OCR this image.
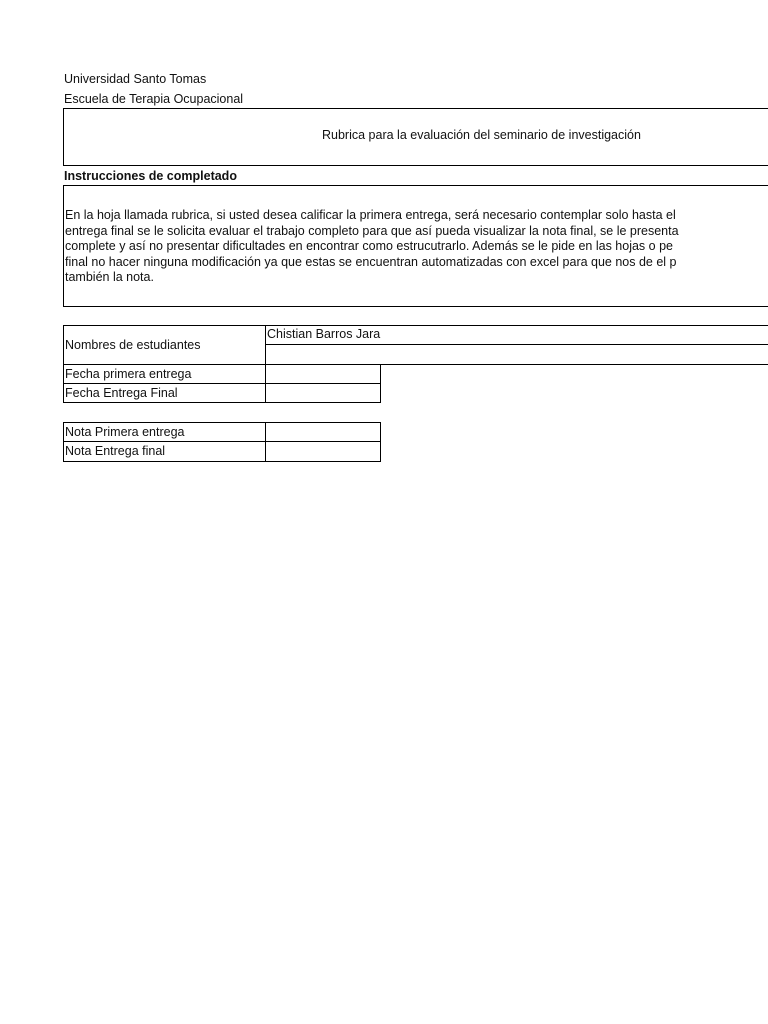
Universidad Santo Tomas
Escuela de Terapia Ocupacional
Rubrica para la evaluación del seminario de investigación
Instrucciones de completado
En la hoja llamada rubrica, si usted desea calificar la primera entrega, será necesario contemplar solo hasta el
entrega final se le solicita evaluar el trabajo completo para que así pueda visualizar la nota final, se le presenta
complete y así no presentar dificultades en encontrar como estrucutrarlo. Además se le pide en las hojas o pe
final no hacer ninguna modificación ya que estas se encuentran automatizadas con excel para que nos de el p
también la nota.
Nombres de estudiantes
Chistian Barros Jara
Fecha primera entrega
Fecha Entrega Final
Nota Primera entrega
Nota Entrega final
